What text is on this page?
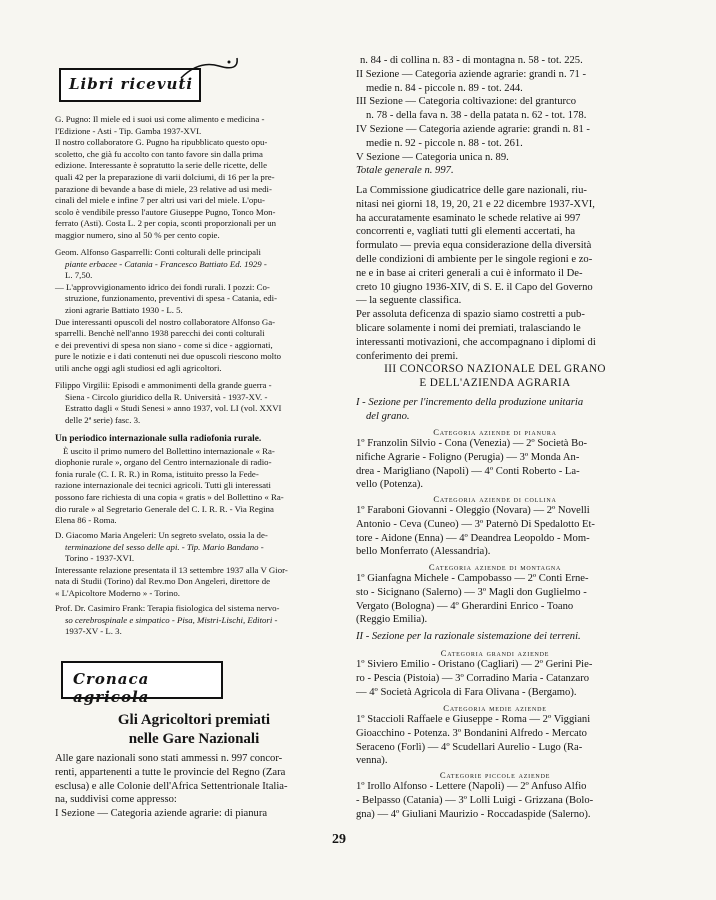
Libri ricevuti

G. Pugno: Il miele ed i suoi usi come alimento e medicina -

l'Edizione - Asti - Tip. Gamba 1937-XVI.

Il nostro collaboratore G. Pugno ha ripubblicato questo opu-

scoletto, che già fu accolto con tanto favore sin dalla prima

edizione. Interessante è sopratutto la serie delle ricette, delle

quali 42 per la preparazione di varii dolciumi, di 16 per la pre-

parazione di bevande a base di miele, 23 relative ad usi medi-

cinali del miele e infine 7 per altri usi vari del miele. L'opu-

scolo è vendibile presso l'autore Giuseppe Pugno, Tonco Mon-

ferrato (Asti). Costa L. 2 per copia, sconti proporzionali per un

maggior numero, sino al 50 % per cento copie.

Geom. Alfonso Gasparrelli: Conti colturali delle principali

piante erbacee - Catania - Francesco Battiato Ed. 1929 -

L. 7,50.

— L'approvvigionamento idrico dei fondi rurali. I pozzi: Co-

struzione, funzionamento, preventivi di spesa - Catania, edi-

zioni agrarie Battiato 1930 - L. 5.

Due interessanti opuscoli del nostro collaboratore Alfonso Ga-

sparrelli. Benchè nell'anno 1938 parecchi dei conti colturali

e dei preventivi di spesa non siano - come si dice - aggiornati,

pure le notizie e i dati contenuti nei due opuscoli riescono molto

utili anche oggi agli studiosi ed agli agricoltori.

Filippo Virgilii: Episodi e ammonimenti della grande guerra -

Siena - Circolo giuridico della R. Università - 1937-XV. -

Estratto dagli « Studi Senesi » anno 1937, vol. LI (vol. XXVI

delle 2ª serie) fasc. 3.

Un periodico internazionale sulla radiofonia rurale.

È uscito il primo numero del Bollettino internazionale « Ra-

diophonie rurale », organo del Centro internazionale di radio-

fonia rurale (C. I. R. R.) in Roma, istituito presso la Fede-

razione internazionale dei tecnici agricoli. Tutti gli interessati

possono fare richiesta di una copia « gratis » del Bollettino « Ra-

dio rurale » al Segretario Generale del C. I. R. R. - Via Regina

Elena 86 - Roma.

D. Giacomo Maria Angeleri: Un segreto svelato, ossia la de-

terminazione del sesso delle api. - Tip. Mario Bandano -

Torino - 1937-XVI.

Interessante relazione presentata il 13 settembre 1937 alla V Gior-

nata di Studii (Torino) dal Rev.mo Don Angeleri, direttore de

« L'Apicoltore Moderno » - Torino.

Prof. Dr. Casimiro Frank: Terapia fisiologica del sistema nervo-

so cerebrospinale e simpatico - Pisa, Mistri-Lischi, Editori -

1937-XV - L. 3.

Cronaca agricola

Gli Agricoltori premiati

nelle Gare Nazionali

Alle gare nazionali sono stati ammessi n. 997 concor-

renti, appartenenti a tutte le provincie del Regno (Zara

esclusa) e alle Colonie dell'Africa Settentrionale Italia-

na, suddivisi come appresso:

I Sezione — Categoria aziende agrarie: di pianura

n. 84 - di collina n. 83 - di montagna n. 58 - tot. 225.

II Sezione — Categoria aziende agrarie: grandi n. 71 -

medie n. 84 - piccole n. 89 - tot. 244.

III Sezione — Categoria coltivazione: del granturco

n. 78 - della fava n. 38 - della patata n. 62 - tot. 178.

IV Sezione — Categoria aziende agrarie: grandi n. 81 -

medie n. 92 - piccole n. 88 - tot. 261.

V Sezione — Categoria unica n. 89.

Totale generale n. 997.

La Commissione giudicatrice delle gare nazionali, riu-

nitasi nei giorni 18, 19, 20, 21 e 22 dicembre 1937-XVI,

ha accuratamente esaminato le schede relative ai 997

concorrenti e, vagliati tutti gli elementi accertati, ha

formulato — previa equa considerazione della diversità

delle condizioni di ambiente per le singole regioni e zo-

ne e in base ai criteri generali a cui è informato il De-

creto 10 giugno 1936-XIV, di S. E. il Capo del Governo

— la seguente classifica.

Per assoluta deficenza di spazio siamo costretti a pub-

blicare solamente i nomi dei premiati, tralasciando le

interessanti motivazioni, che accompagnano i diplomi di

conferimento dei premi.

III CONCORSO NAZIONALE DEL GRANO

E DELL'AZIENDA AGRARIA

I - Sezione per l'incremento della produzione unitaria

del grano.

Categoria aziende di pianura

1º Franzolin Silvio - Cona (Venezia) — 2º Società Bo-

nifiche Agrarie - Foligno (Perugia) — 3º Monda An-

drea - Marigliano (Napoli) — 4º Conti Roberto - La-

vello (Potenza).

Categoria aziende di collina

1º Faraboni Giovanni - Oleggio (Novara) — 2º Novelli

Antonio - Ceva (Cuneo) — 3º Paternò Di Spedalotto Et-

tore - Aidone (Enna) — 4º Deandrea Leopoldo - Mom-

bello Monferrato (Alessandria).

Categoria aziende di montagna

1º Gianfagna Michele - Campobasso — 2º Conti Erne-

sto - Sicignano (Salerno) — 3º Magli don Guglielmo -

Vergato (Bologna) — 4º Gherardini Enrico - Toano

(Reggio Emilia).

II - Sezione per la razionale sistemazione dei terreni.

Categoria grandi aziende

1º Siviero Emilio - Oristano (Cagliari) — 2º Gerini Pie-

ro - Pescia (Pistoia) — 3º Corradino Maria - Catanzaro

— 4º Società Agricola di Fara Olivana - (Bergamo).

Categoria medie aziende

1º Staccioli Raffaele e Giuseppe - Roma — 2º Viggiani

Gioacchino - Potenza. 3º Bondanini Alfredo - Mercato

Seraceno (Forlì) — 4º Scudellari Aurelio - Lugo (Ra-

venna).

Categorie piccole aziende

1º Irollo Alfonso - Lettere (Napoli) — 2º Anfuso Alfio

- Belpasso (Catania) — 3º Lolli Luigi - Grizzana (Bolo-

gna) — 4º Giuliani Maurizio - Roccadaspide (Salerno).

29
